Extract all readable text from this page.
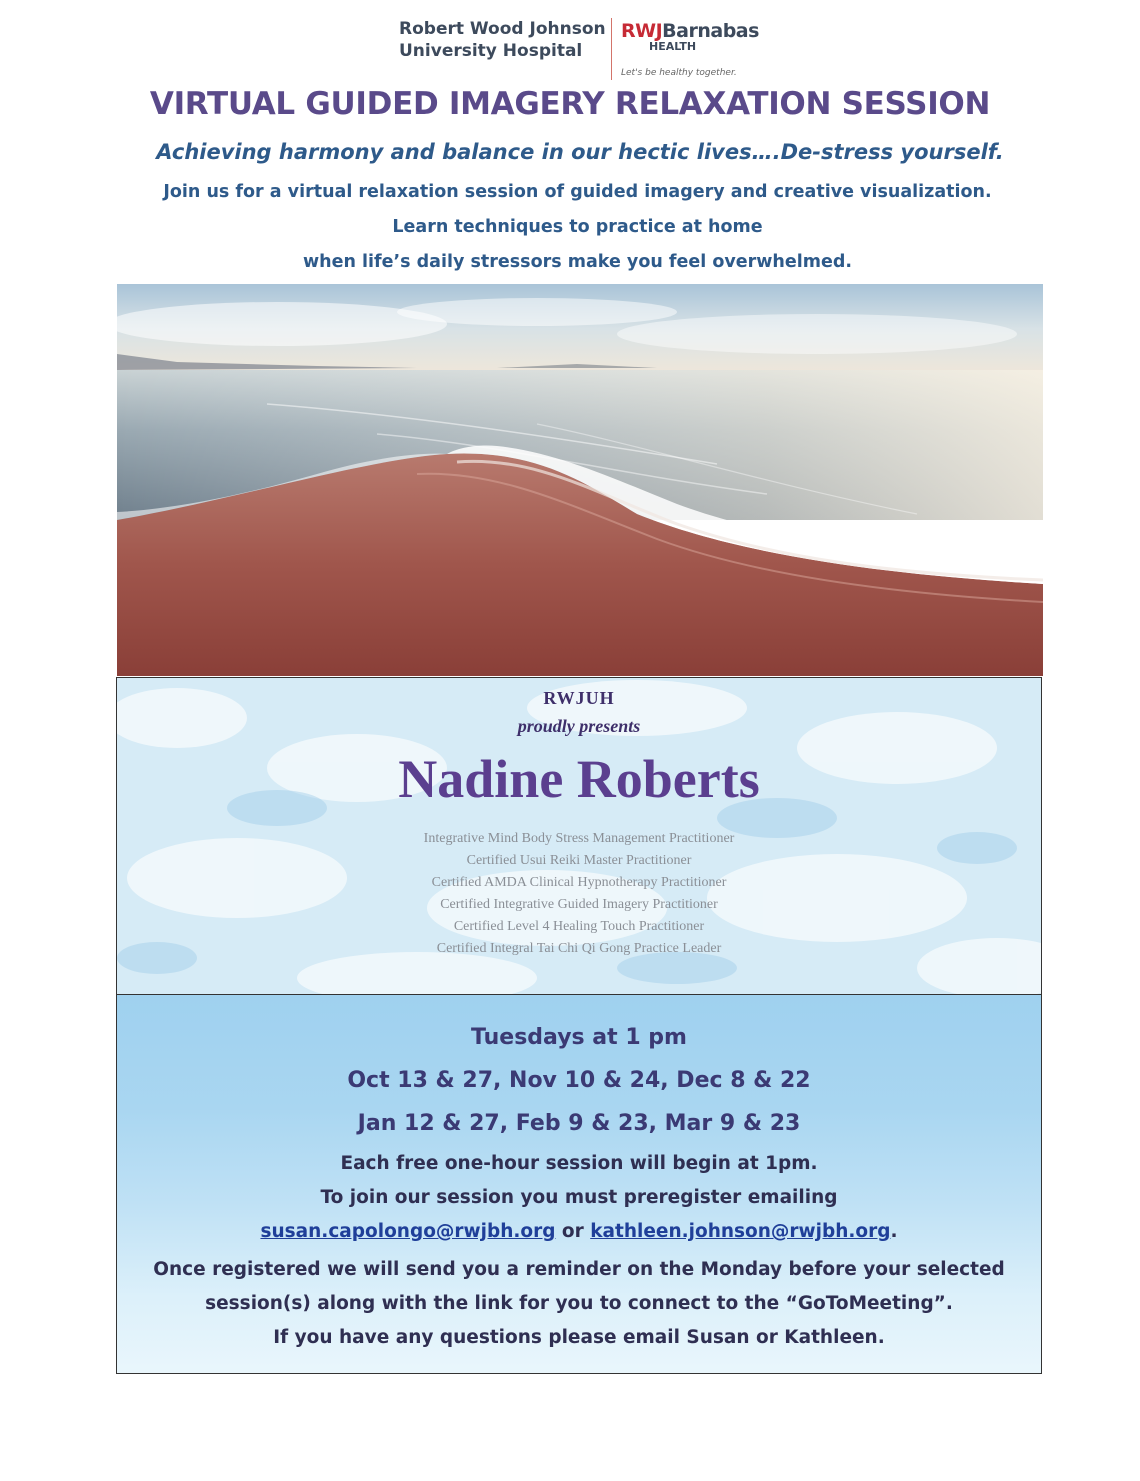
Robert Wood Johnson
University Hospital
RWJBarnabas
HEALTH
Let's be healthy together.
VIRTUAL GUIDED IMAGERY RELAXATION SESSION
Achieving harmony and balance in our hectic lives….De-stress yourself.
Join us for a virtual relaxation session of guided imagery and creative visualization.
Learn techniques to practice at home
when life’s daily stressors make you feel overwhelmed.
RWJUH
proudly presents
Nadine Roberts
Integrative Mind Body Stress Management Practitioner
Certified Usui Reiki Master Practitioner
Certified AMDA Clinical Hypnotherapy Practitioner
Certified Integrative Guided Imagery Practitioner
Certified Level 4 Healing Touch Practitioner
Certified Integral Tai Chi Qi Gong Practice Leader
Tuesdays at 1 pm
Oct 13 & 27, Nov 10 & 24, Dec 8 & 22
Jan 12 & 27, Feb 9 & 23, Mar 9 & 23
Each free one-hour session will begin at 1pm.
To join our session you must preregister emailing
susan.capolongo@rwjbh.org or kathleen.johnson@rwjbh.org.
Once registered we will send you a reminder on the Monday before your selected
session(s) along with the link for you to connect to the “GoToMeeting”.
If you have any questions please email Susan or Kathleen.
